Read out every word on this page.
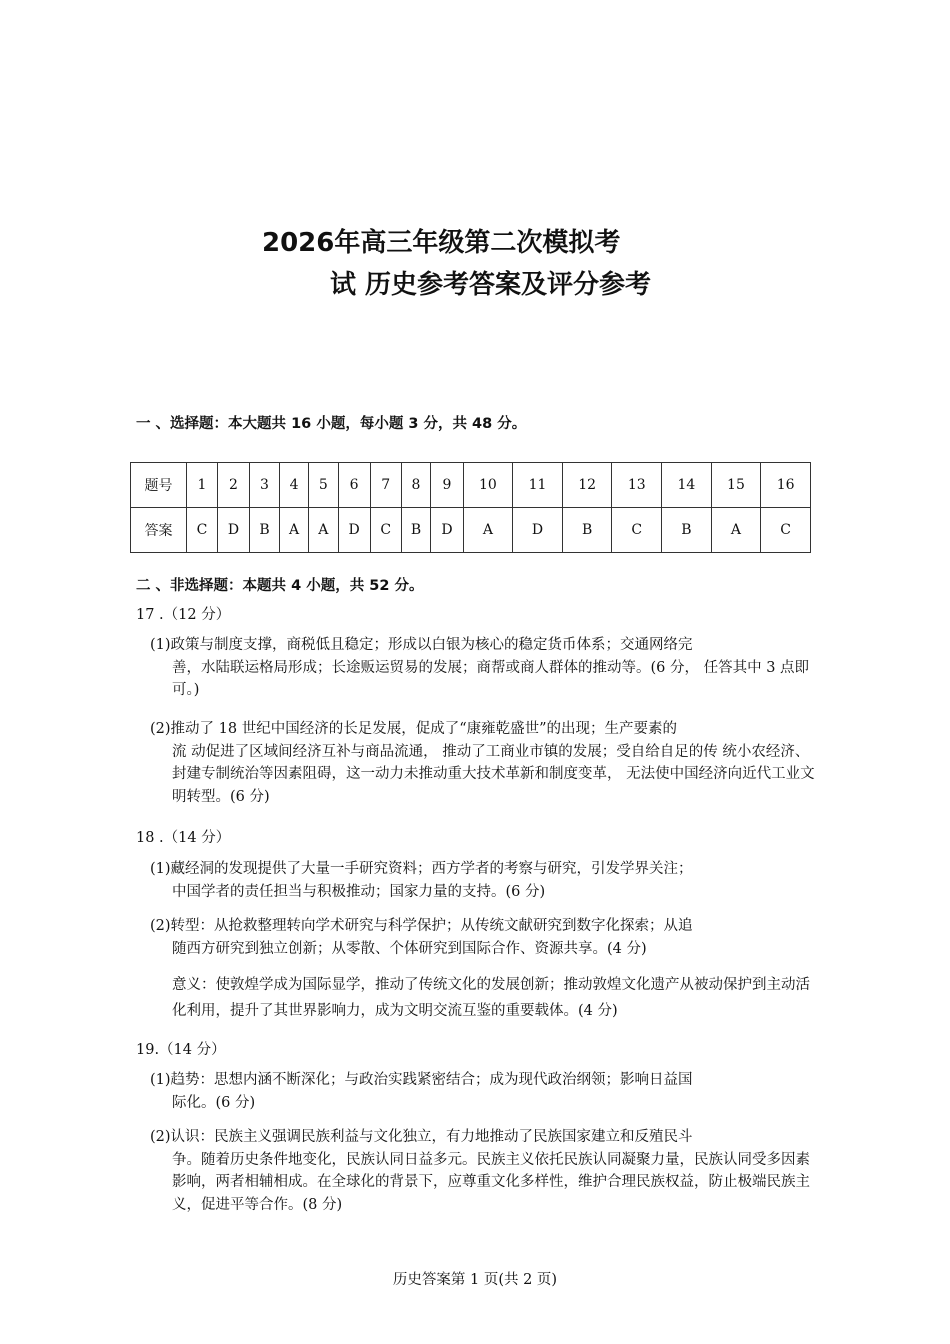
2026年高三年级第二次模拟考
试 历史参考答案及评分参考
一 、选择题：本大题共 16 小题，每小题 3 分，共 48 分。
题号	1	2	3	4	5	6	7	8	9	10	11	12	13	14	15	16
答案	C	D	B	A	A	D	C	B	D	A	D	B	C	B	A	C
二 、非选择题：本题共 4 小题，共 52 分。
17 .（12 分）
(1)政策与制度支撑，商税低且稳定；形成以白银为核心的稳定货币体系；交通网络完
善，水陆联运格局形成；长途贩运贸易的发展；商帮或商人群体的推动等。(6 分， 任答其中 3 点即可。)
(2)推动了 18 世纪中国经济的长足发展，促成了“康雍乾盛世”的出现；生产要素的
流 动促进了区域间经济互补与商品流通， 推动了工商业市镇的发展；受自给自足的传 统小农经济、封建专制统治等因素阻碍，这一动力未推动重大技术革新和制度变革， 无法使中国经济向近代工业文明转型。(6 分)
18 .（14 分）
(1)藏经洞的发现提供了大量一手研究资料；西方学者的考察与研究，引发学界关注；
中国学者的责任担当与积极推动；国家力量的支持。(6 分)
(2)转型：从抢救整理转向学术研究与科学保护；从传统文献研究到数字化探索；从追
随西方研究到独立创新；从零散、个体研究到国际合作、资源共享。(4 分)
意义：使敦煌学成为国际显学，推动了传统文化的发展创新；推动敦煌文化遗产从被动保护到主动活化利用，提升了其世界影响力，成为文明交流互鉴的重要载体。(4 分)
19.（14 分）
(1)趋势：思想内涵不断深化；与政治实践紧密结合；成为现代政治纲领；影响日益国
际化。(6 分)
(2)认识：民族主义强调民族利益与文化独立，有力地推动了民族国家建立和反殖民斗
争。随着历史条件地变化，民族认同日益多元。民族主义依托民族认同凝聚力量，民族认同受多因素影响，两者相辅相成。在全球化的背景下，应尊重文化多样性，维护合理民族权益，防止极端民族主义，促进平等合作。(8 分)
历史答案第 1 页(共 2 页)
